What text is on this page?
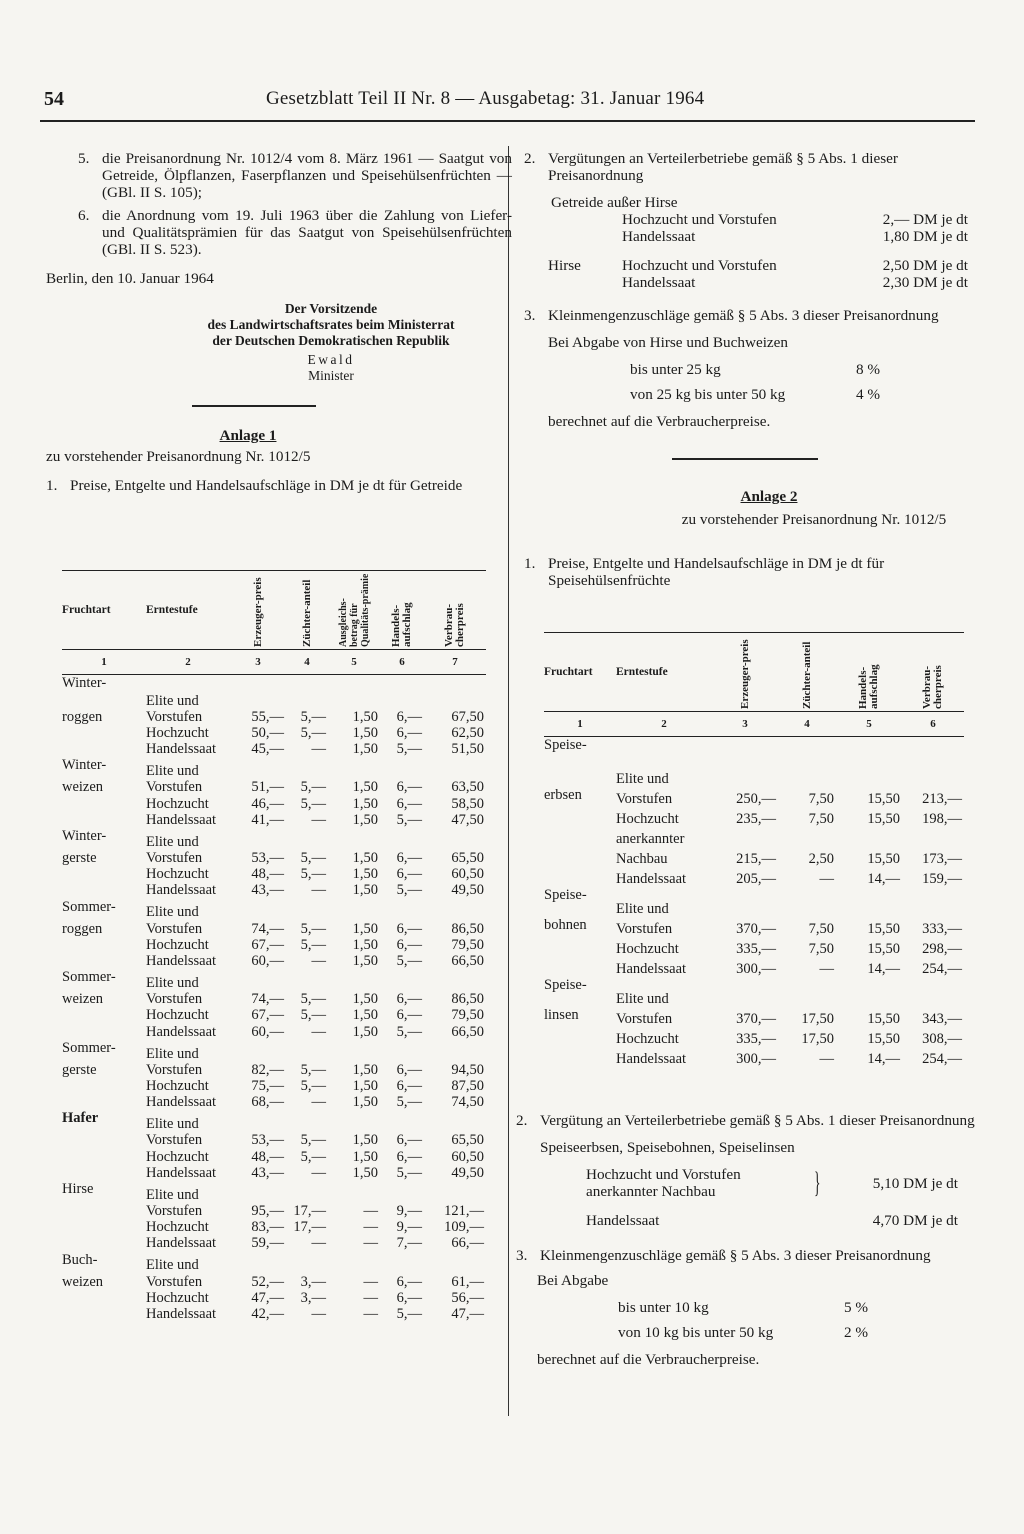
54	Gesetzblatt Teil II Nr. 8 — Ausgabetag: 31. Januar 1964
5. die Preisanordnung Nr. 1012/4 vom 8. März 1961 — Saatgut von Getreide, Ölpflanzen, Faserpflanzen und Speisehülsenfrüchten — (GBl. II S. 105);
6. die Anordnung vom 19. Juli 1963 über die Zahlung von Liefer- und Qualitätsprämien für das Saatgut von Speisehülsenfrüchten (GBl. II S. 523).
Berlin, den 10. Januar 1964
Der Vorsitzende
des Landwirtschaftsrates beim Ministerrat
der Deutschen Demokratischen Republik
Ewald
Minister
Anlage 1
zu vorstehender Preisanordnung Nr. 1012/5
1. Preise, Entgelte und Handelsaufschläge in DM je dt für Getreide
Fruchtart	Erntestufe	Erzeuger-preis	Züchter-anteil	Ausgleichs-betrag für Qualitäts-prämie	Handels-aufschlag	Verbrau-cherpreis

1	2	3	4	5	6	7
Winter-	Elite und					
roggen	Vorstufen	55,—	5,—	1,50	6,—	67,50
	Hochzucht	50,—	5,—	1,50	6,—	62,50
	Handelssaat	45,—	—	1,50	5,—	51,50
Winter-	Elite und					
weizen	Vorstufen	51,—	5,—	1,50	6,—	63,50
	Hochzucht	46,—	5,—	1,50	6,—	58,50
	Handelssaat	41,—	—	1,50	5,—	47,50
Winter-	Elite und					
gerste	Vorstufen	53,—	5,—	1,50	6,—	65,50
	Hochzucht	48,—	5,—	1,50	6,—	60,50
	Handelssaat	43,—	—	1,50	5,—	49,50
Sommer-	Elite und					
roggen	Vorstufen	74,—	5,—	1,50	6,—	86,50
	Hochzucht	67,—	5,—	1,50	6,—	79,50
	Handelssaat	60,—	—	1,50	5,—	66,50
Sommer-	Elite und					
weizen	Vorstufen	74,—	5,—	1,50	6,—	86,50
	Hochzucht	67,—	5,—	1,50	6,—	79,50
	Handelssaat	60,—	—	1,50	5,—	66,50
Sommer-	Elite und					
gerste	Vorstufen	82,—	5,—	1,50	6,—	94,50
	Hochzucht	75,—	5,—	1,50	6,—	87,50
	Handelssaat	68,—	—	1,50	5,—	74,50
Hafer	Elite und					
	Vorstufen	53,—	5,—	1,50	6,—	65,50
	Hochzucht	48,—	5,—	1,50	6,—	60,50
	Handelssaat	43,—	—	1,50	5,—	49,50
Hirse	Elite und					
	Vorstufen	95,—	17,—	—	9,—	121,—
	Hochzucht	83,—	17,—	—	9,—	109,—
	Handelssaat	59,—	—	—	7,—	66,—
Buch-	Elite und					
weizen	Vorstufen	52,—	3,—	—	6,—	61,—
	Hochzucht	47,—	3,—	—	6,—	56,—
	Handelssaat	42,—	—	—	5,—	47,—
2. Vergütungen an Verteilerbetriebe gemäß § 5 Abs. 1 dieser Preisanordnung
Getreide außer Hirse
Hochzucht und Vorstufen	2,— DM je dt
Handelssaat	1,80 DM je dt
Hirse	Hochzucht und Vorstufen	2,50 DM je dt
Handelssaat	2,30 DM je dt
3. Kleinmengenzuschläge gemäß § 5 Abs. 3 dieser Preisanordnung
Bei Abgabe von Hirse und Buchweizen
bis unter 25 kg	8 %
von 25 kg bis unter 50 kg	4 %
berechnet auf die Verbraucherpreise.
Anlage 2
zu vorstehender Preisanordnung Nr. 1012/5
1. Preise, Entgelte und Handelsaufschläge in DM je dt für Speisehülsenfrüchte
Fruchtart	Erntestufe	Erzeuger-preis	Züchter-anteil	Handels-aufschlag	Verbrau-cherpreis

1	2	3	4	5	6
Speise-	Elite und				
erbsen	Vorstufen	250,—	7,50	15,50	213,—
	Hochzucht	235,—	7,50	15,50	198,—
	anerkannter				
	Nachbau	215,—	2,50	15,50	173,—
	Handelssaat	205,—	—	14,—	159,—
Speise-	Elite und				
bohnen	Vorstufen	370,—	7,50	15,50	333,—
	Hochzucht	335,—	7,50	15,50	298,—
	Handelssaat	300,—	—	14,—	254,—
Speise-	Elite und				
linsen	Vorstufen	370,—	17,50	15,50	343,—
	Hochzucht	335,—	17,50	15,50	308,—
	Handelssaat	300,—	—	14,—	254,—
2. Vergütung an Verteilerbetriebe gemäß § 5 Abs. 1 dieser Preisanordnung
Speiseerbsen, Speisebohnen, Speiselinsen
Hochzucht und Vorstufen
anerkannter Nachbau	}	5,10 DM je dt
Handelssaat	4,70 DM je dt
3. Kleinmengenzuschläge gemäß § 5 Abs. 3 dieser Preisanordnung
Bei Abgabe
bis unter 10 kg	5 %
von 10 kg bis unter 50 kg	2 %
berechnet auf die Verbraucherpreise.
